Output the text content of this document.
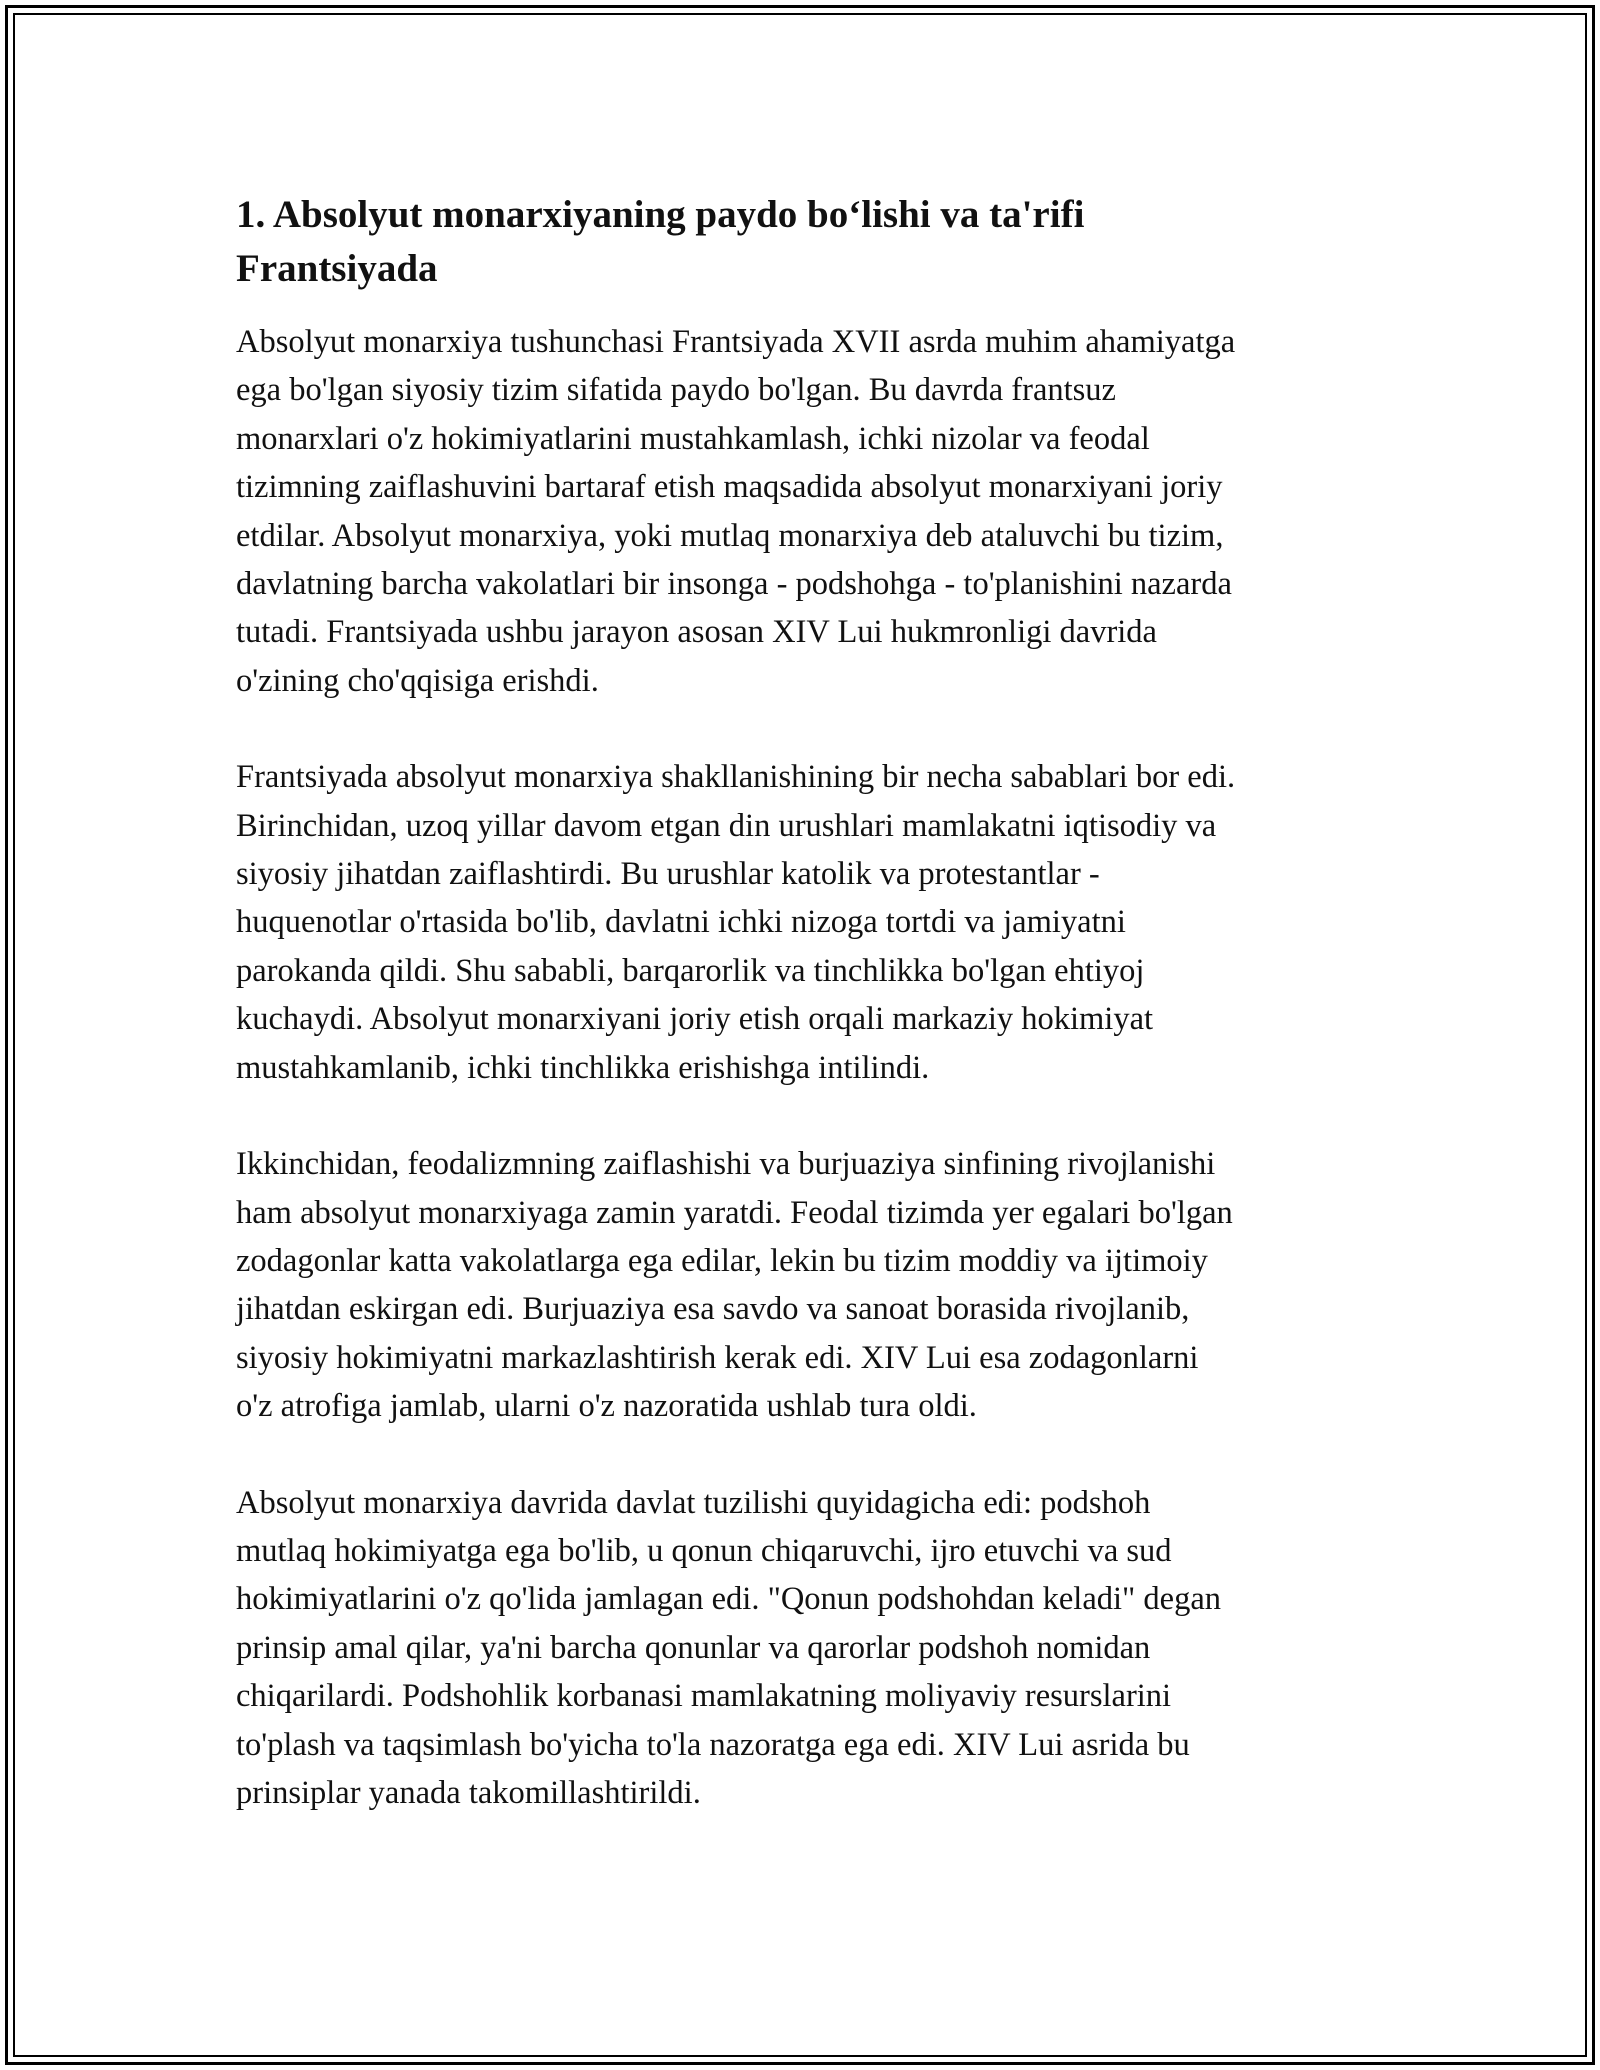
1. Absolyut monarxiyaning paydo bo‘lishi va ta'rifi
Frantsiyada

Absolyut monarxiya tushunchasi Frantsiyada XVII asrda muhim ahamiyatga
ega bo'lgan siyosiy tizim sifatida paydo bo'lgan. Bu davrda frantsuz
monarxlari o'z hokimiyatlarini mustahkamlash, ichki nizolar va feodal
tizimning zaiflashuvini bartaraf etish maqsadida absolyut monarxiyani joriy
etdilar. Absolyut monarxiya, yoki mutlaq monarxiya deb ataluvchi bu tizim,
davlatning barcha vakolatlari bir insonga - podshohga - to'planishini nazarda
tutadi. Frantsiyada ushbu jarayon asosan XIV Lui hukmronligi davrida
o'zining cho'qqisiga erishdi.

Frantsiyada absolyut monarxiya shakllanishining bir necha sabablari bor edi.
Birinchidan, uzoq yillar davom etgan din urushlari mamlakatni iqtisodiy va
siyosiy jihatdan zaiflashtirdi. Bu urushlar katolik va protestantlar -
huquenotlar o'rtasida bo'lib, davlatni ichki nizoga tortdi va jamiyatni
parokanda qildi. Shu sababli, barqarorlik va tinchlikka bo'lgan ehtiyoj
kuchaydi. Absolyut monarxiyani joriy etish orqali markaziy hokimiyat
mustahkamlanib, ichki tinchlikka erishishga intilindi.

Ikkinchidan, feodalizmning zaiflashishi va burjuaziya sinfining rivojlanishi
ham absolyut monarxiyaga zamin yaratdi. Feodal tizimda yer egalari bo'lgan
zodagonlar katta vakolatlarga ega edilar, lekin bu tizim moddiy va ijtimoiy
jihatdan eskirgan edi. Burjuaziya esa savdo va sanoat borasida rivojlanib,
siyosiy hokimiyatni markazlashtirish kerak edi. XIV Lui esa zodagonlarni
o'z atrofiga jamlab, ularni o'z nazoratida ushlab tura oldi.

Absolyut monarxiya davrida davlat tuzilishi quyidagicha edi: podshoh
mutlaq hokimiyatga ega bo'lib, u qonun chiqaruvchi, ijro etuvchi va sud
hokimiyatlarini o'z qo'lida jamlagan edi. "Qonun podshohdan keladi" degan
prinsip amal qilar, ya'ni barcha qonunlar va qarorlar podshoh nomidan
chiqarilardi. Podshohlik korbanasi mamlakatning moliyaviy resurslarini
to'plash va taqsimlash bo'yicha to'la nazoratga ega edi. XIV Lui asrida bu
prinsiplar yanada takomillashtirildi.
